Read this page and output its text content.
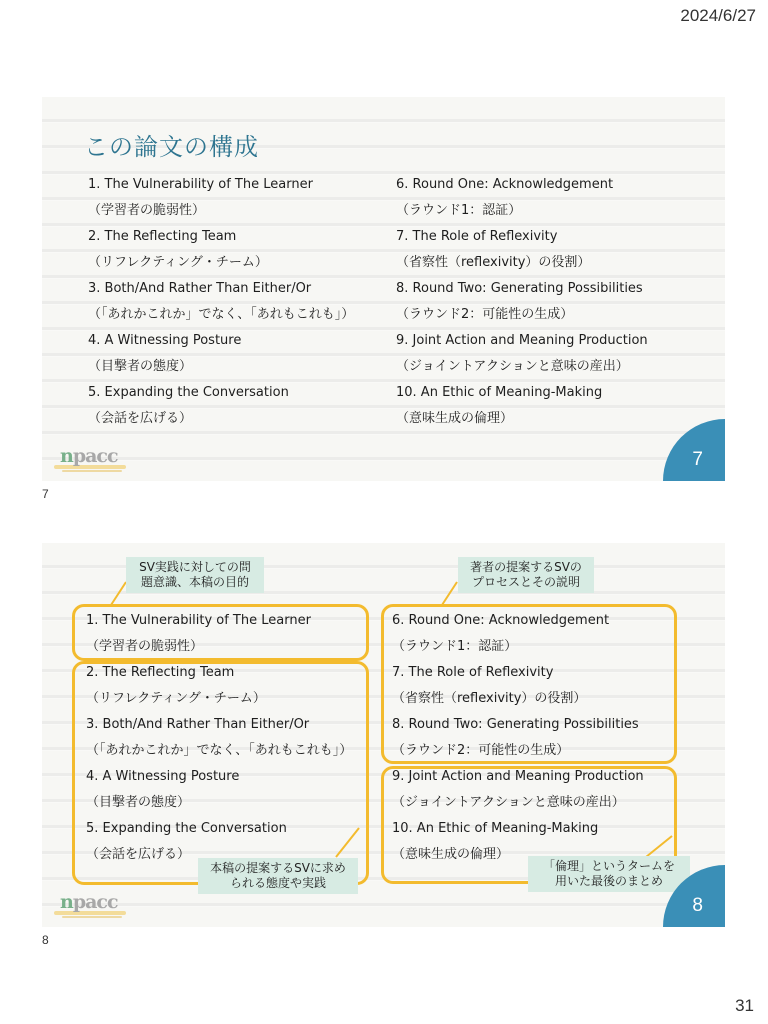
2024/6/27
この論文の構成
1. The Vulnerability of The Learner
（学習者の脆弱性）
2. The Reflecting Team
（リフレクティング・チーム）
3. Both/And Rather Than Either/Or
（「あれかこれか」でなく、「あれもこれも」）
4. A Witnessing Posture
（目撃者の態度）
5. Expanding the Conversation
（会話を広げる）
6. Round One: Acknowledgement
（ラウンド1：認証）
7. The Role of Reflexivity
（省察性（reflexivity）の役割）
8. Round Two: Generating Possibilities
（ラウンド2：可能性の生成）
9. Joint Action and Meaning Production
（ジョイントアクションと意味の産出）
10. An Ethic of Meaning-Making
（意味生成の倫理）
npacc	7
7
1. The Vulnerability of The Learner
（学習者の脆弱性）
2. The Reflecting Team
（リフレクティング・チーム）
3. Both/And Rather Than Either/Or
（「あれかこれか」でなく、「あれもこれも」）
4. A Witnessing Posture
（目撃者の態度）
5. Expanding the Conversation
（会話を広げる）
6. Round One: Acknowledgement
（ラウンド1：認証）
7. The Role of Reflexivity
（省察性（reflexivity）の役割）
8. Round Two: Generating Possibilities
（ラウンド2：可能性の生成）
9. Joint Action and Meaning Production
（ジョイントアクションと意味の産出）
10. An Ethic of Meaning-Making
（意味生成の倫理）
SV実践に対しての問
題意識、本稿の目的
著者の提案するSVの
プロセスとその説明
本稿の提案するSVに求め
られる態度や実践
「倫理」というタームを
用いた最後のまとめ
npacc	8
8
31
